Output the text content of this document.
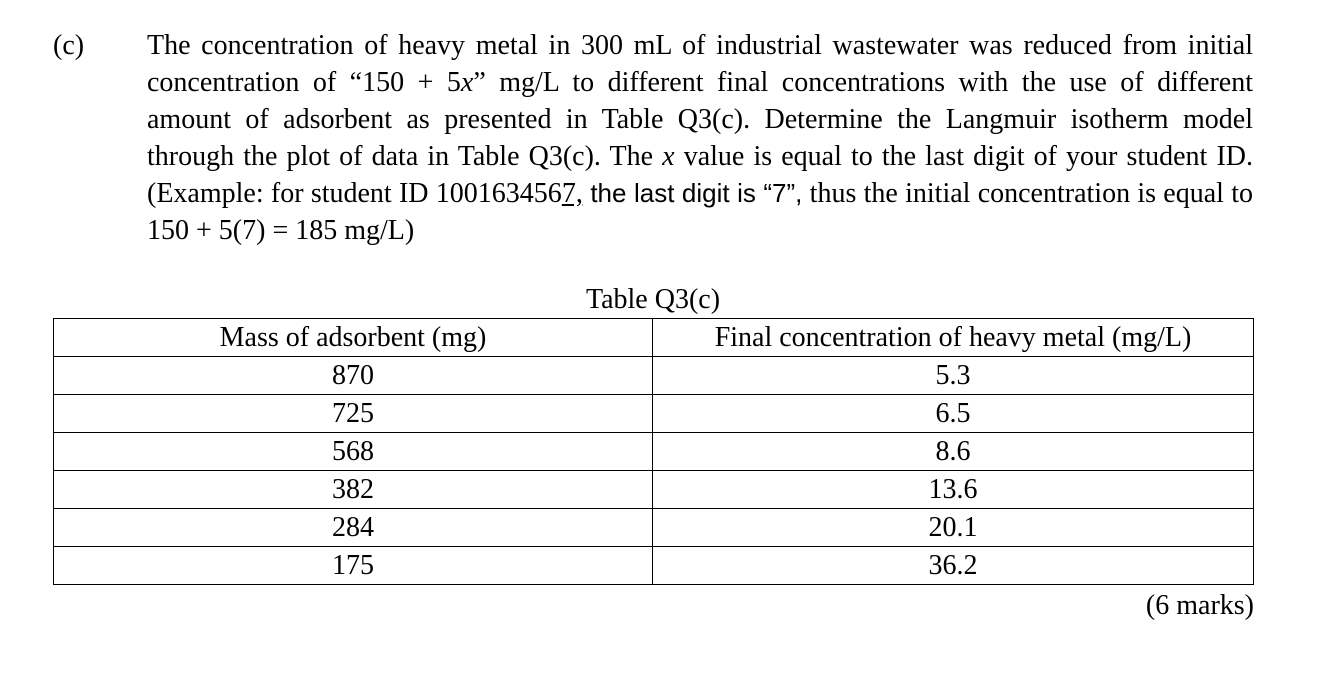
(c) The concentration of heavy metal in 300 mL of industrial wastewater was reduced from initial concentration of “150 + 5x” mg/L to different final concentrations with the use of different amount of adsorbent as presented in Table Q3(c). Determine the Langmuir isotherm model through the plot of data in Table Q3(c). The x value is equal to the last digit of your student ID. (Example: for student ID 1001634567, the last digit is “7”, thus the initial concentration is equal to 150 + 5(7) = 185 mg/L)
Table Q3(c)
Mass of adsorbent (mg)	Final concentration of heavy metal (mg/L)
870	5.3
725	6.5
568	8.6
382	13.6
284	20.1
175	36.2
(6 marks)
